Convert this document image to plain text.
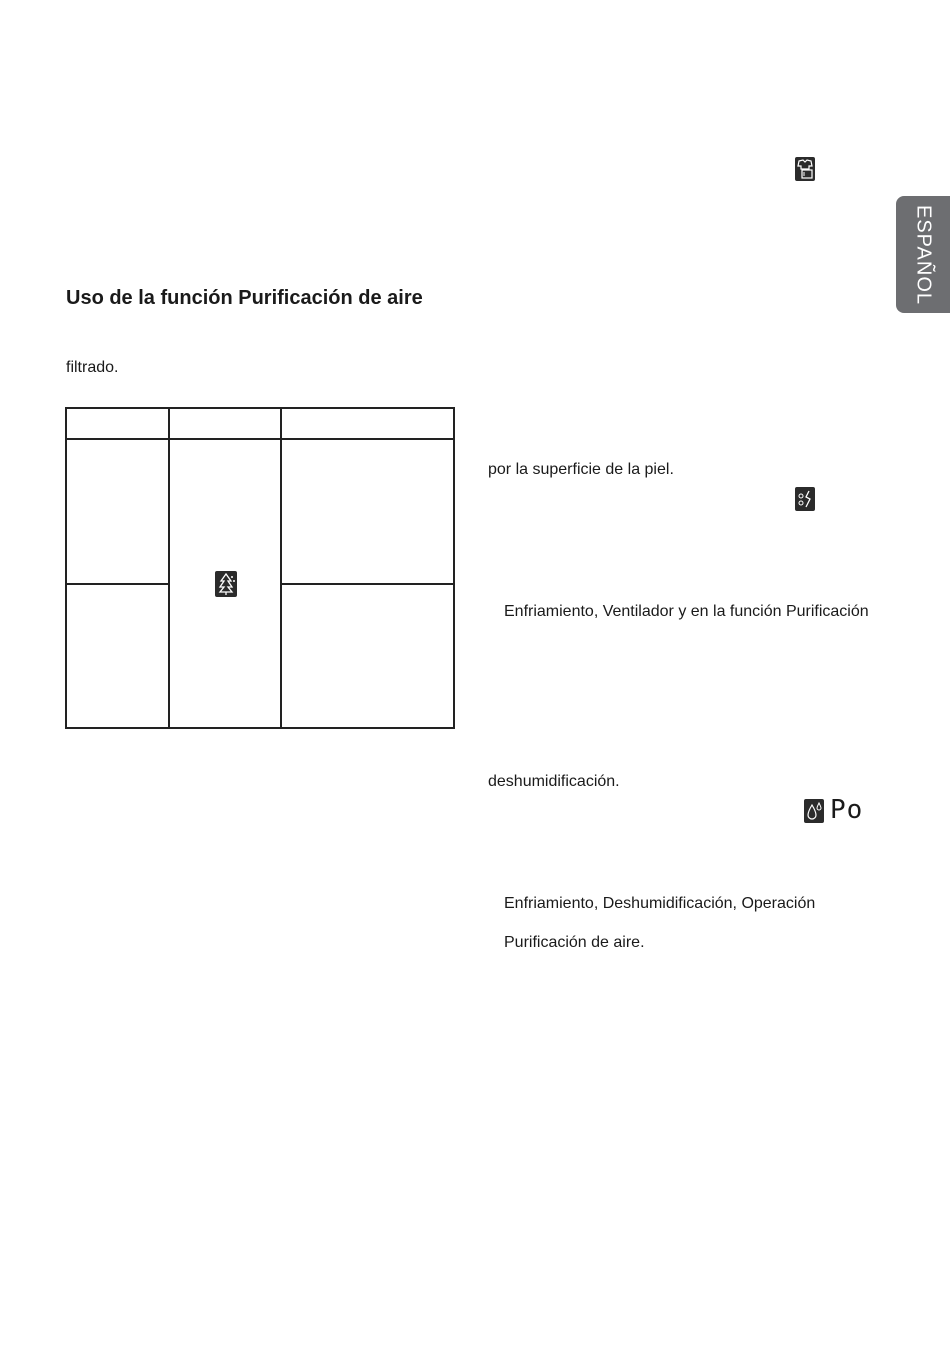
ESPAÑOL
Uso de la función Purificación de aire
filtrado.
por la superficie de la piel.
Enfriamiento, Ventilador y en la función Purificación
deshumidificación.
Po
Enfriamiento, Deshumidificación, Operación
Purificación de aire.
